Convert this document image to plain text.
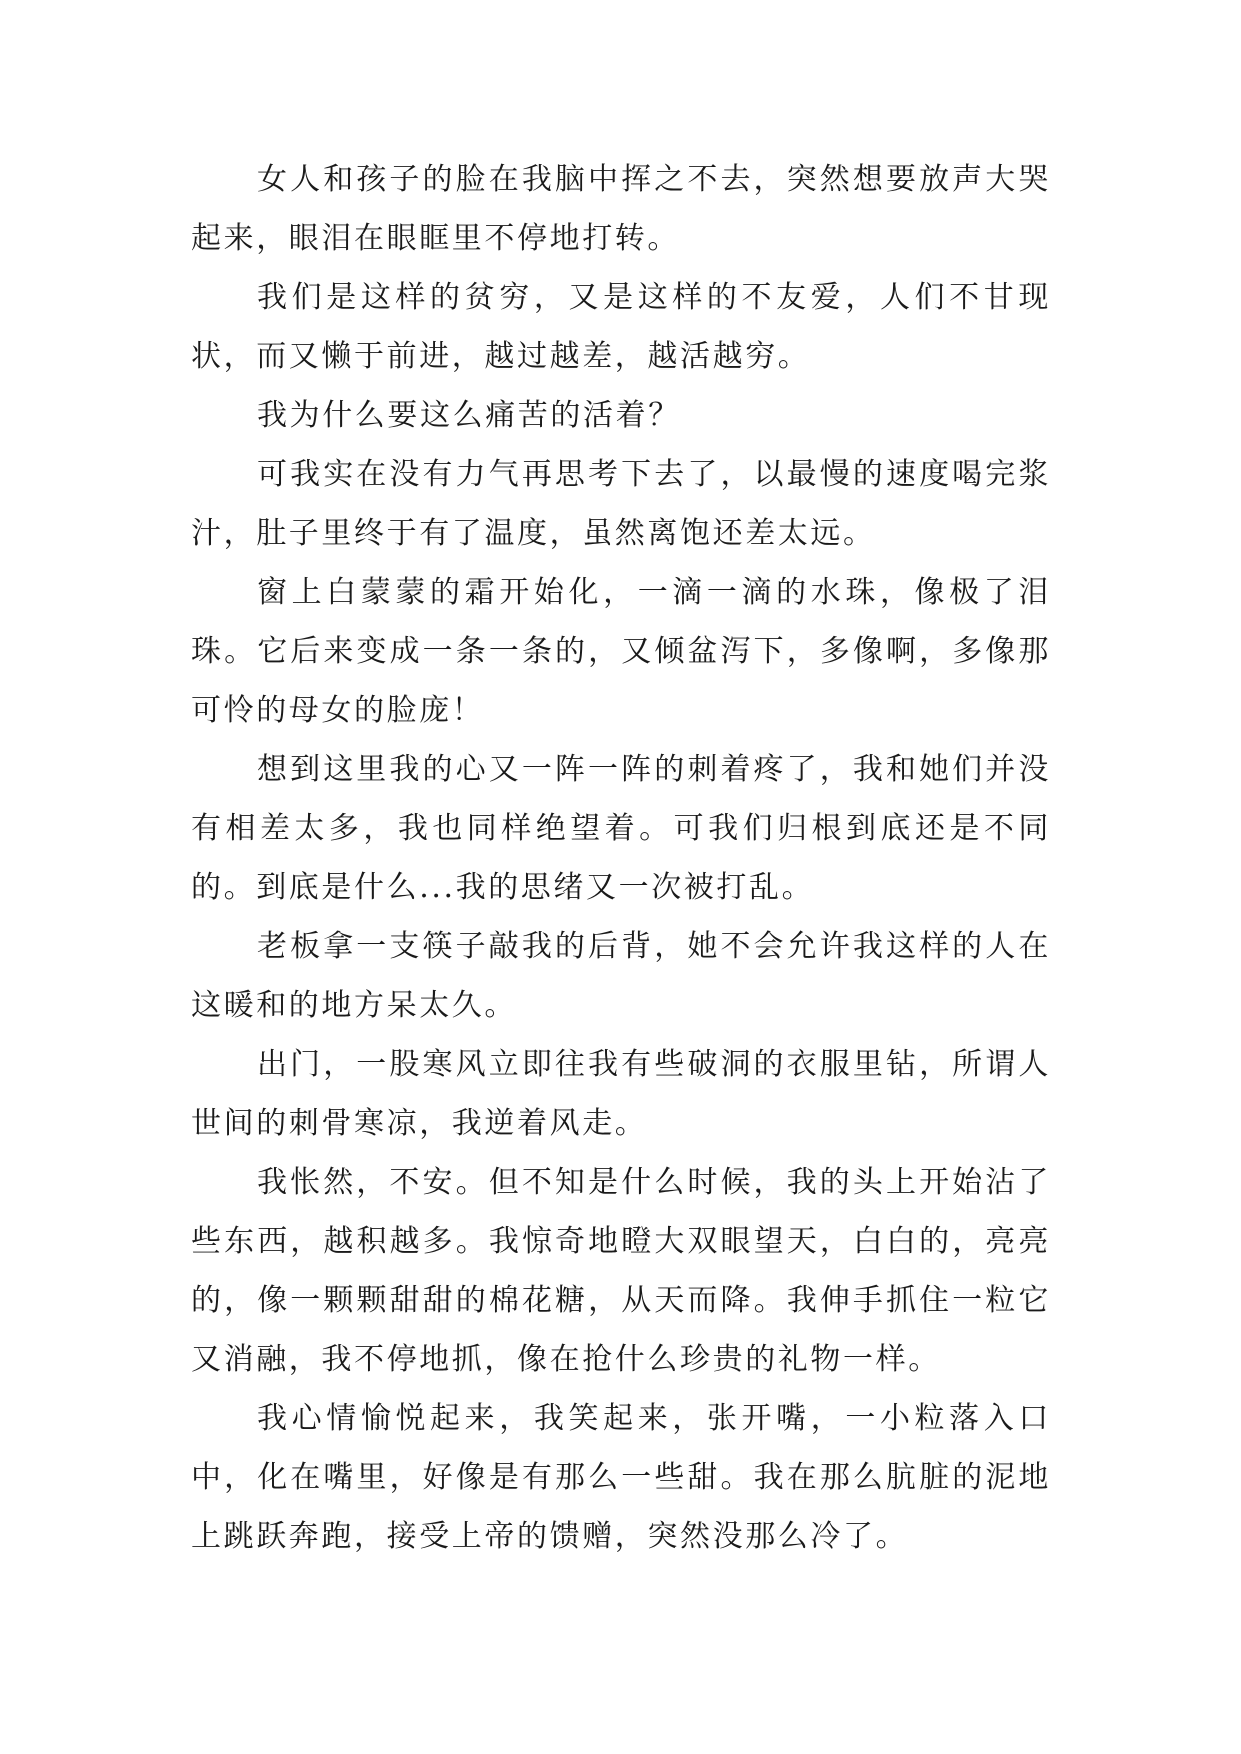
女人和孩子的脸在我脑中挥之不去，突然想要放声大哭起来，眼泪在眼眶里不停地打转。

我们是这样的贫穷，又是这样的不友爱，人们不甘现状，而又懒于前进，越过越差，越活越穷。

我为什么要这么痛苦的活着？

可我实在没有力气再思考下去了，以最慢的速度喝完浆汁，肚子里终于有了温度，虽然离饱还差太远。

窗上白蒙蒙的霜开始化，一滴一滴的水珠，像极了泪珠。它后来变成一条一条的，又倾盆泻下，多像啊，多像那可怜的母女的脸庞！

想到这里我的心又一阵一阵的刺着疼了，我和她们并没有相差太多，我也同样绝望着。可我们归根到底还是不同的。到底是什么...我的思绪又一次被打乱。

老板拿一支筷子敲我的后背，她不会允许我这样的人在这暖和的地方呆太久。

出门，一股寒风立即往我有些破洞的衣服里钻，所谓人世间的刺骨寒凉，我逆着风走。

我怅然，不安。但不知是什么时候，我的头上开始沾了些东西，越积越多。我惊奇地瞪大双眼望天，白白的，亮亮的，像一颗颗甜甜的棉花糖，从天而降。我伸手抓住一粒它又消融，我不停地抓，像在抢什么珍贵的礼物一样。

我心情愉悦起来，我笑起来，张开嘴，一小粒落入口中，化在嘴里，好像是有那么一些甜。我在那么肮脏的泥地上跳跃奔跑，接受上帝的馈赠，突然没那么冷了。
